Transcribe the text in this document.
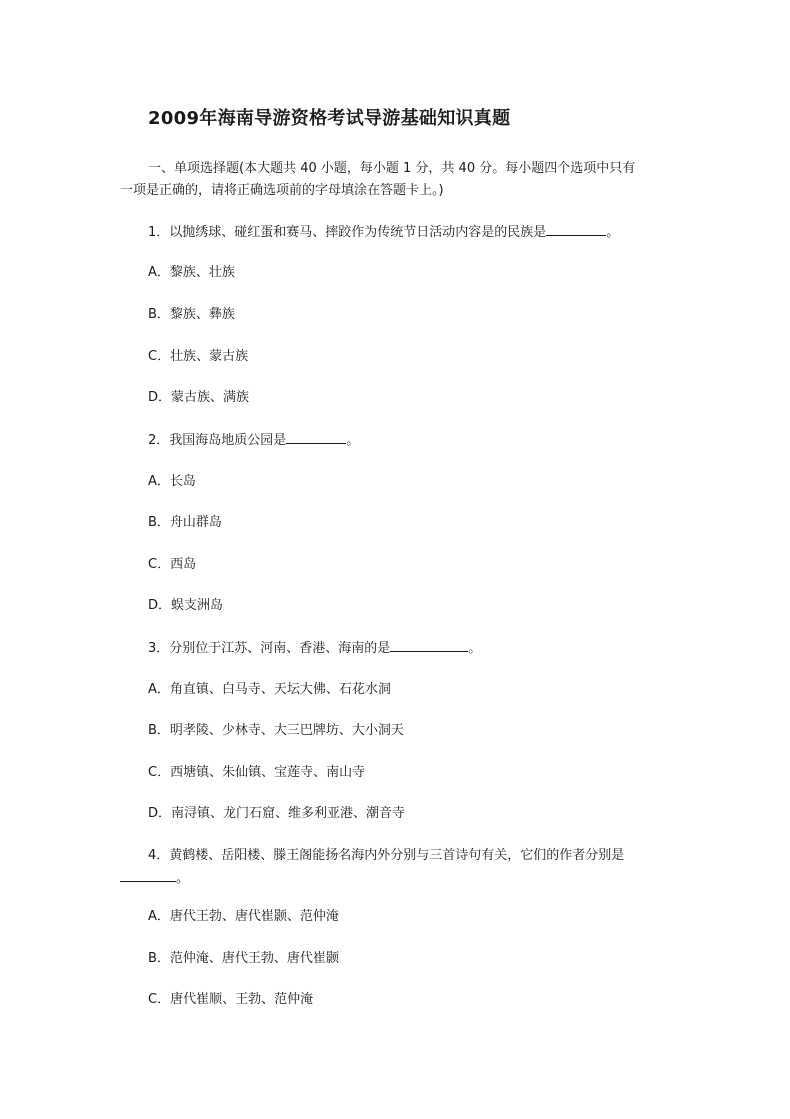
2009年海南导游资格考试导游基础知识真题
一、单项选择题(本大题共 40 小题，每小题 1 分，共 40 分。每小题四个选项中只有
一项是正确的，请将正确选项前的字母填涂在答题卡上。)
1．以抛绣球、碰红蛋和赛马、摔跤作为传统节日活动内容是的民族是	。
A．黎族、壮族
B．黎族、彝族
C．壮族、蒙古族
D．蒙古族、满族
2．我国海岛地质公园是	。
A．长岛
B．舟山群岛
C．西岛
D．蜈支洲岛
3．分别位于江苏、河南、香港、海南的是	。
A．角直镇、白马寺、天坛大佛、石花水洞
B．明孝陵、少林寺、大三巴牌坊、大小洞天
C．西塘镇、朱仙镇、宝莲寺、南山寺
D．南浔镇、龙门石窟、维多利亚港、潮音寺
4．黄鹤楼、岳阳楼、滕王阁能扬名海内外分别与三首诗句有关，它们的作者分别是
。
A．唐代王勃、唐代崔颢、范仲淹
B．范仲淹、唐代王勃、唐代崔颢
C．唐代崔顺、王勃、范仲淹
